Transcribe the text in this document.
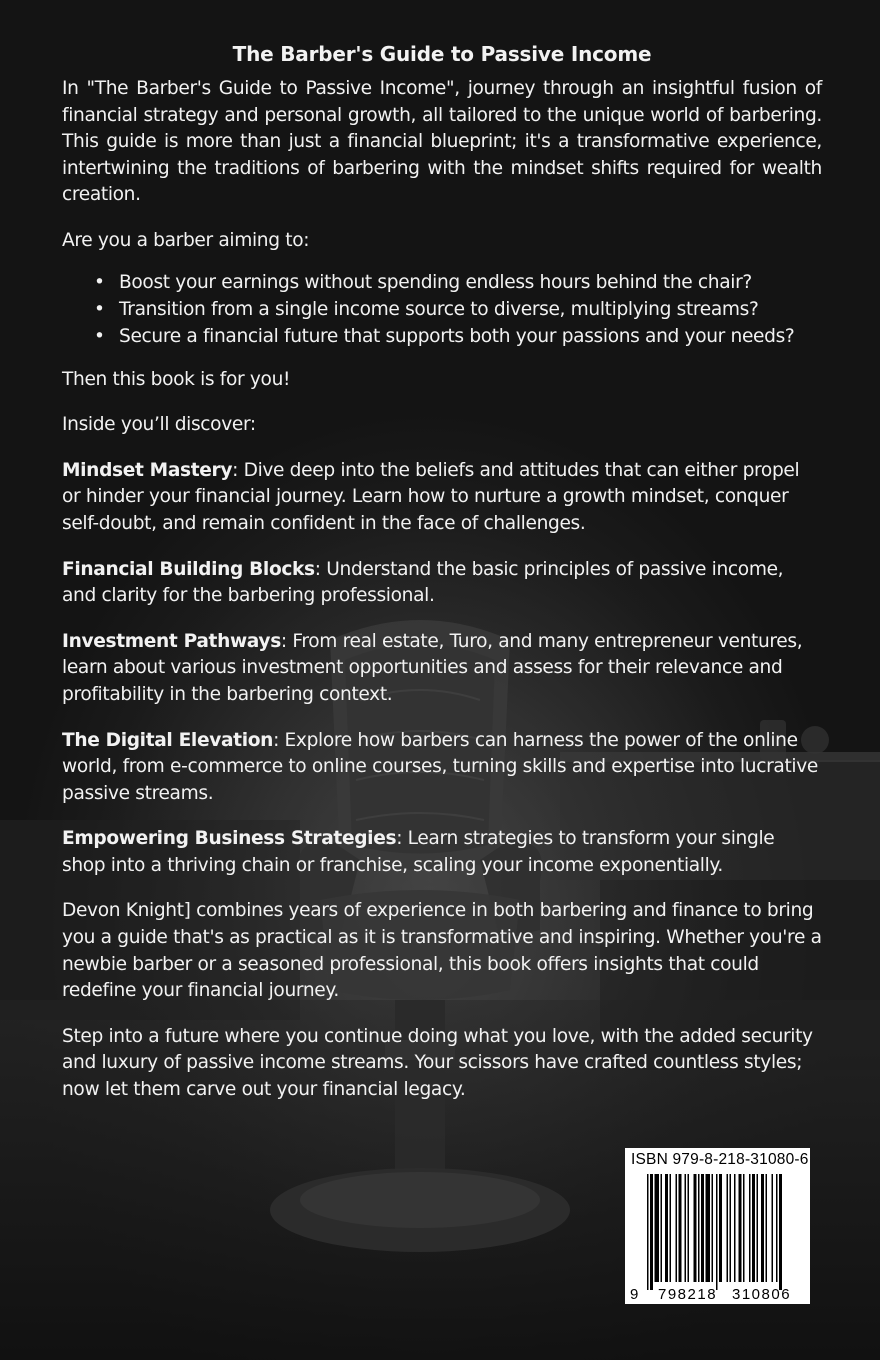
The Barber's Guide to Passive Income

In "The Barber's Guide to Passive Income", journey through an insightful fusion of financial strategy and personal growth, all tailored to the unique world of barbering. This guide is more than just a financial blueprint; it's a transformative experience, intertwining the traditions of barbering with the mindset shifts required for wealth creation.

Are you a barber aiming to:

• Boost your earnings without spending endless hours behind the chair?
• Transition from a single income source to diverse, multiplying streams?
• Secure a financial future that supports both your passions and your needs?

Then this book is for you!

Inside you’ll discover:

Mindset Mastery: Dive deep into the beliefs and attitudes that can either propel or hinder your financial journey. Learn how to nurture a growth mindset, conquer self-doubt, and remain confident in the face of challenges.

Financial Building Blocks: Understand the basic principles of passive income, and clarity for the barbering professional.

Investment Pathways: From real estate, Turo, and many entrepreneur ventures, learn about various investment opportunities and assess for their relevance and profitability in the barbering context.

The Digital Elevation: Explore how barbers can harness the power of the online world, from e-commerce to online courses, turning skills and expertise into lucrative passive streams.

Empowering Business Strategies: Learn strategies to transform your single shop into a thriving chain or franchise, scaling your income exponentially.

Devon Knight] combines years of experience in both barbering and finance to bring you a guide that's as practical as it is transformative and inspiring. Whether you're a newbie barber or a seasoned professional, this book offers insights that could redefine your financial journey.

Step into a future where you continue doing what you love, with the added security and luxury of passive income streams. Your scissors have crafted countless styles; now let them carve out your financial legacy.

ISBN 979-8-218-31080-6
9 798218 310806
